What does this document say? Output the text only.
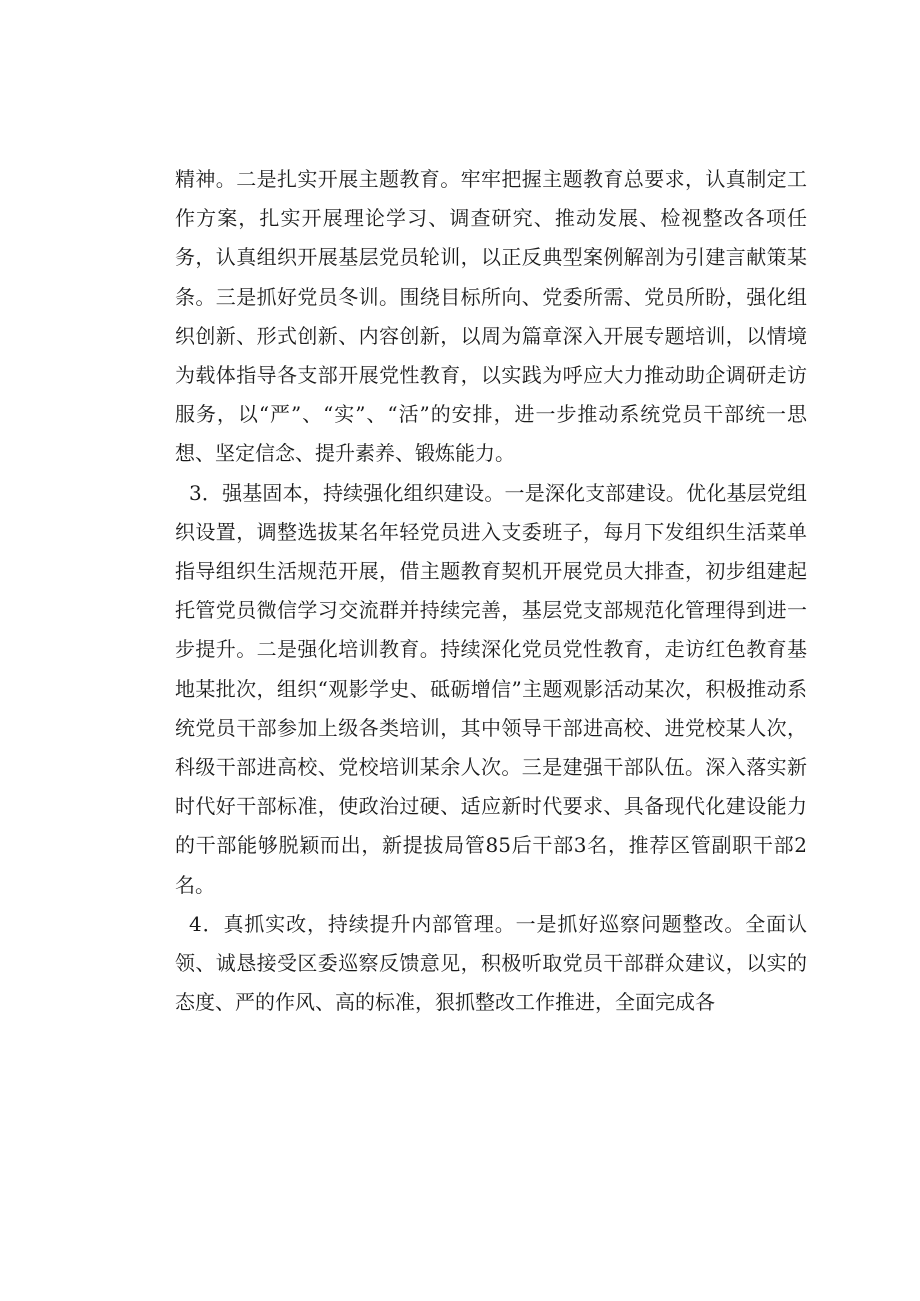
精神。二是扎实开展主题教育。牢牢把握主题教育总要求，认真制定工作方案，扎实开展理论学习、调查研究、推动发展、检视整改各项任务，认真组织开展基层党员轮训，以正反典型案例解剖为引建言献策某条。三是抓好党员冬训。围绕目标所向、党委所需、党员所盼，强化组织创新、形式创新、内容创新，以周为篇章深入开展专题培训，以情境为载体指导各支部开展党性教育，以实践为呼应大力推动助企调研走访服务，以“严”、“实”、“活”的安排，进一步推动系统党员干部统一思想、坚定信念、提升素养、锻炼能力。

3．强基固本，持续强化组织建设。一是深化支部建设。优化基层党组织设置，调整选拔某名年轻党员进入支委班子，每月下发组织生活菜单指导组织生活规范开展，借主题教育契机开展党员大排查，初步组建起托管党员微信学习交流群并持续完善，基层党支部规范化管理得到进一步提升。二是强化培训教育。持续深化党员党性教育，走访红色教育基地某批次，组织“观影学史、砥砺增信”主题观影活动某次，积极推动系统党员干部参加上级各类培训，其中领导干部进高校、进党校某人次，科级干部进高校、党校培训某余人次。三是建强干部队伍。深入落实新时代好干部标准，使政治过硬、适应新时代要求、具备现代化建设能力的干部能够脱颖而出，新提拔局管85后干部3名，推荐区管副职干部2名。

4．真抓实改，持续提升内部管理。一是抓好巡察问题整改。全面认领、诚恳接受区委巡察反馈意见，积极听取党员干部群众建议，以实的态度、严的作风、高的标准，狠抓整改工作推进，全面完成各
